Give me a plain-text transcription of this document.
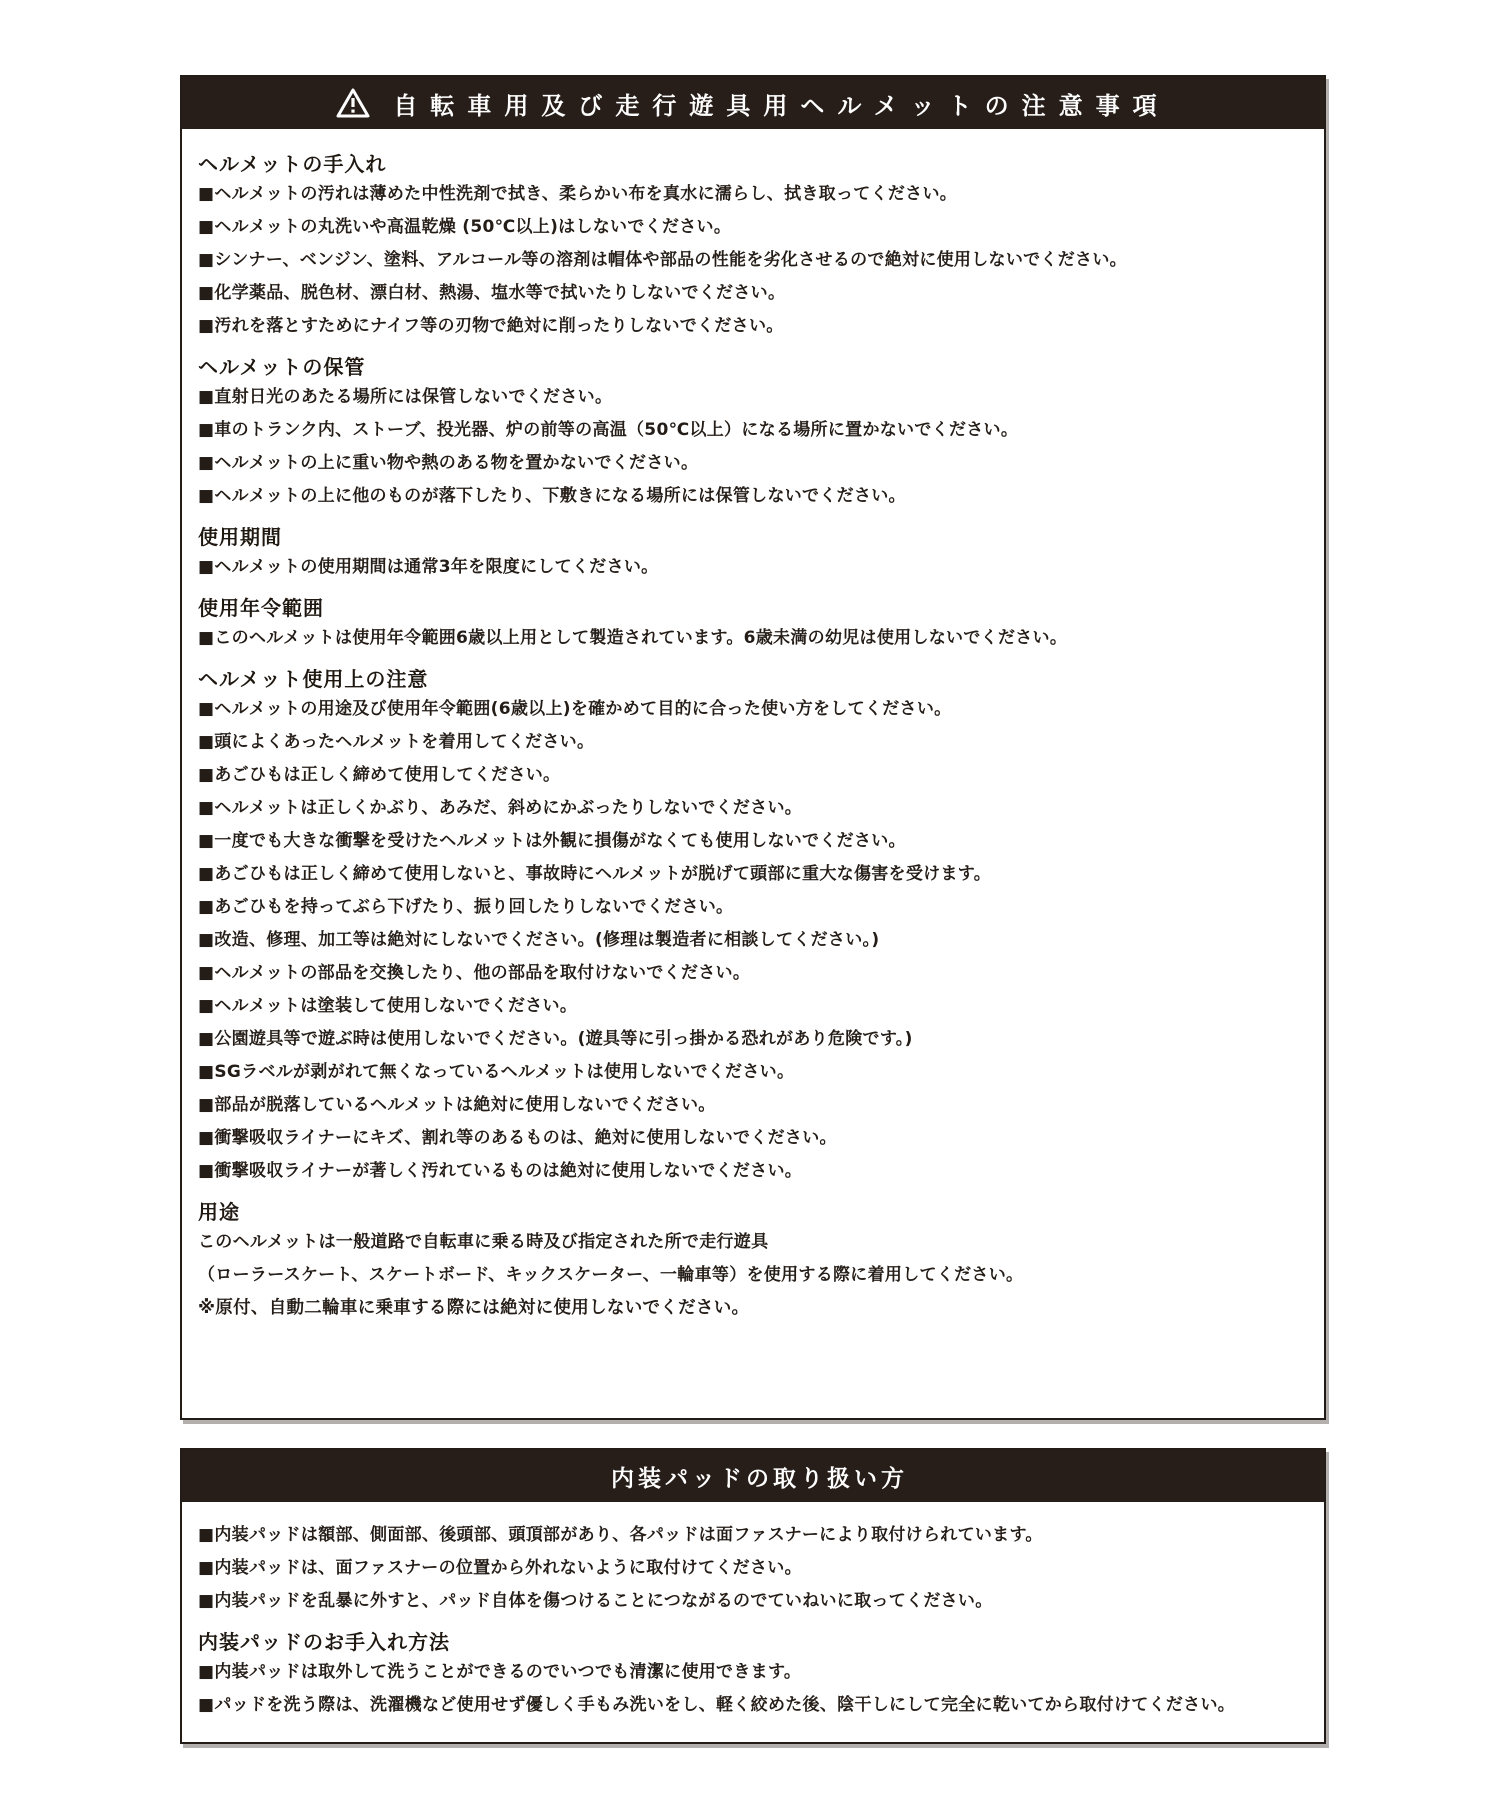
自転車用及び走行遊具用ヘルメットの注意事項
ヘルメットの手入れ
■ヘルメットの汚れは薄めた中性洗剤で拭き、柔らかい布を真水に濡らし、拭き取ってください。
■ヘルメットの丸洗いや高温乾燥 (50℃以上)はしないでください。
■シンナー、ベンジン、塗料、アルコール等の溶剤は帽体や部品の性能を劣化させるので絶対に使用しないでください。
■化学薬品、脱色材、漂白材、熱湯、塩水等で拭いたりしないでください。
■汚れを落とすためにナイフ等の刃物で絶対に削ったりしないでください。
ヘルメットの保管
■直射日光のあたる場所には保管しないでください。
■車のトランク内、ストーブ、投光器、炉の前等の高温（50℃以上）になる場所に置かないでください。
■ヘルメットの上に重い物や熱のある物を置かないでください。
■ヘルメットの上に他のものが落下したり、下敷きになる場所には保管しないでください。
使用期間
■ヘルメットの使用期間は通常3年を限度にしてください。
使用年令範囲
■このヘルメットは使用年令範囲6歳以上用として製造されています。6歳未満の幼児は使用しないでください。
ヘルメット使用上の注意
■ヘルメットの用途及び使用年令範囲(6歳以上)を確かめて目的に合った使い方をしてください。
■頭によくあったヘルメットを着用してください。
■あごひもは正しく締めて使用してください。
■ヘルメットは正しくかぶり、あみだ、斜めにかぶったりしないでください。
■一度でも大きな衝撃を受けたヘルメットは外観に損傷がなくても使用しないでください。
■あごひもは正しく締めて使用しないと、事故時にヘルメットが脱げて頭部に重大な傷害を受けます。
■あごひもを持ってぶら下げたり、振り回したりしないでください。
■改造、修理、加工等は絶対にしないでください。(修理は製造者に相談してください。)
■ヘルメットの部品を交換したり、他の部品を取付けないでください。
■ヘルメットは塗装して使用しないでください。
■公園遊具等で遊ぶ時は使用しないでください。(遊具等に引っ掛かる恐れがあり危険です。)
■SGラベルが剥がれて無くなっているヘルメットは使用しないでください。
■部品が脱落しているヘルメットは絶対に使用しないでください。
■衝撃吸収ライナーにキズ、割れ等のあるものは、絶対に使用しないでください。
■衝撃吸収ライナーが著しく汚れているものは絶対に使用しないでください。
用途
このヘルメットは一般道路で自転車に乗る時及び指定された所で走行遊具
（ローラースケート、スケートボード、キックスケーター、一輪車等）を使用する際に着用してください。
※原付、自動二輪車に乗車する際には絶対に使用しないでください。
内装パッドの取り扱い方
■内装パッドは額部、側面部、後頭部、頭頂部があり、各パッドは面ファスナーにより取付けられています。
■内装パッドは、面ファスナーの位置から外れないように取付けてください。
■内装パッドを乱暴に外すと、パッド自体を傷つけることにつながるのでていねいに取ってください。
内装パッドのお手入れ方法
■内装パッドは取外して洗うことができるのでいつでも清潔に使用できます。
■パッドを洗う際は、洗濯機など使用せず優しく手もみ洗いをし、軽く絞めた後、陰干しにして完全に乾いてから取付けてください。
